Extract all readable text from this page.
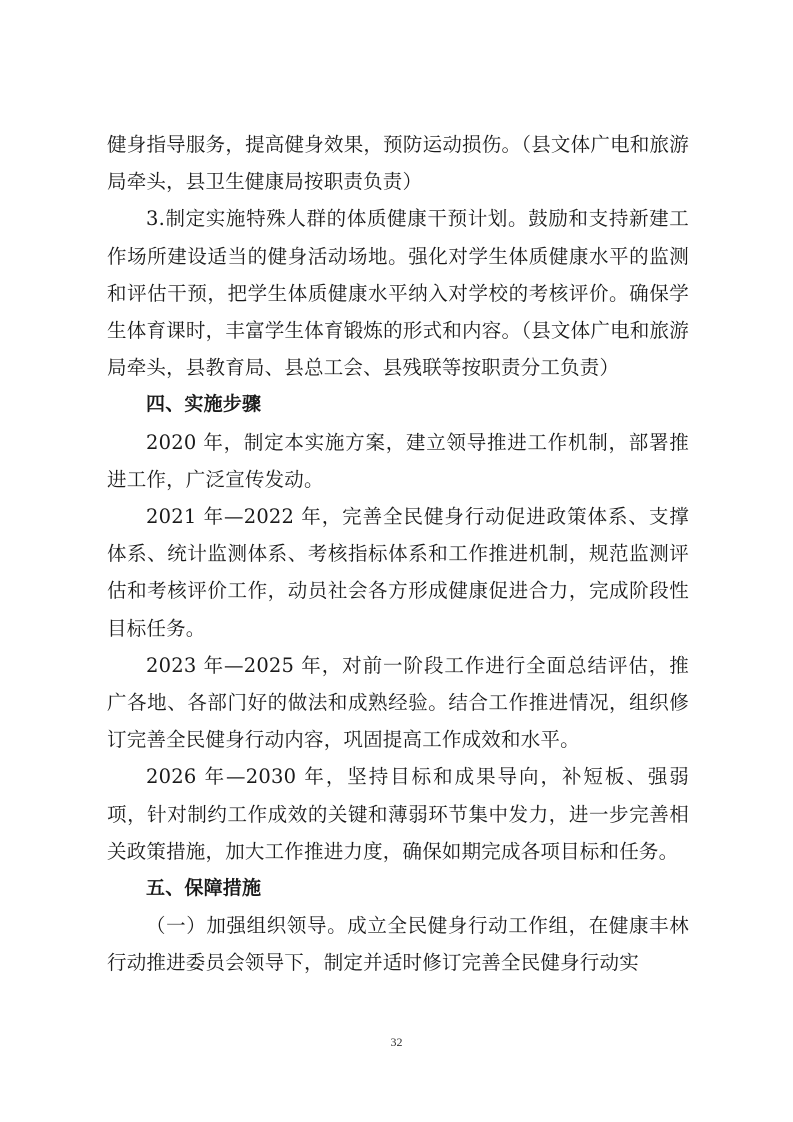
健身指导服务，提高健身效果，预防运动损伤。（县文体广电和旅游局牵头，县卫生健康局按职责负责）

3.制定实施特殊人群的体质健康干预计划。鼓励和支持新建工作场所建设适当的健身活动场地。强化对学生体质健康水平的监测和评估干预，把学生体质健康水平纳入对学校的考核评价。确保学生体育课时，丰富学生体育锻炼的形式和内容。（县文体广电和旅游局牵头，县教育局、县总工会、县残联等按职责分工负责）

四、实施步骤

2020 年，制定本实施方案，建立领导推进工作机制，部署推进工作，广泛宣传发动。

2021 年—2022 年，完善全民健身行动促进政策体系、支撑体系、统计监测体系、考核指标体系和工作推进机制，规范监测评估和考核评价工作，动员社会各方形成健康促进合力，完成阶段性目标任务。

2023 年—2025 年，对前一阶段工作进行全面总结评估，推广各地、各部门好的做法和成熟经验。结合工作推进情况，组织修订完善全民健身行动内容，巩固提高工作成效和水平。

2026 年—2030 年，坚持目标和成果导向，补短板、强弱项，针对制约工作成效的关键和薄弱环节集中发力，进一步完善相关政策措施，加大工作推进力度，确保如期完成各项目标和任务。

五、保障措施

（一）加强组织领导。成立全民健身行动工作组，在健康丰林行动推进委员会领导下，制定并适时修订完善全民健身行动实

32
